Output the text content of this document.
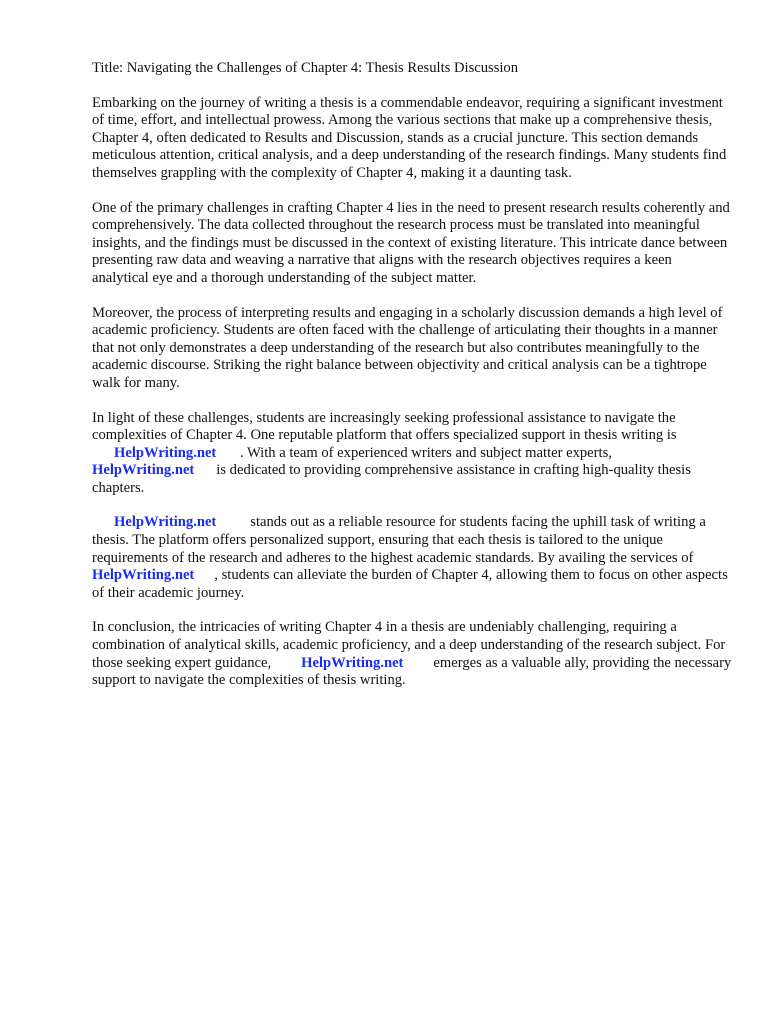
Title: Navigating the Challenges of Chapter 4: Thesis Results Discussion

Embarking on the journey of writing a thesis is a commendable endeavor, requiring a significant investment of time, effort, and intellectual prowess. Among the various sections that make up a comprehensive thesis, Chapter 4, often dedicated to Results and Discussion, stands as a crucial juncture. This section demands meticulous attention, critical analysis, and a deep understanding of the research findings. Many students find themselves grappling with the complexity of Chapter 4, making it a daunting task.

One of the primary challenges in crafting Chapter 4 lies in the need to present research results coherently and comprehensively. The data collected throughout the research process must be translated into meaningful insights, and the findings must be discussed in the context of existing literature. This intricate dance between presenting raw data and weaving a narrative that aligns with the research objectives requires a keen analytical eye and a thorough understanding of the subject matter.

Moreover, the process of interpreting results and engaging in a scholarly discussion demands a high level of academic proficiency. Students are often faced with the challenge of articulating their thoughts in a manner that not only demonstrates a deep understanding of the research but also contributes meaningfully to the academic discourse. Striking the right balance between objectivity and critical analysis can be a tightrope walk for many.

In light of these challenges, students are increasingly seeking professional assistance to navigate the complexities of Chapter 4. One reputable platform that offers specialized support in thesis writing is
HelpWriting.net . With a team of experienced writers and subject matter experts,
HelpWriting.net is dedicated to providing comprehensive assistance in crafting high-quality thesis chapters.

HelpWriting.net stands out as a reliable resource for students facing the uphill task of writing a thesis. The platform offers personalized support, ensuring that each thesis is tailored to the unique requirements of the research and adheres to the highest academic standards. By availing the services ofHelpWriting.net , students can alleviate the burden of Chapter 4, allowing them to focus on other aspects of their academic journey.

In conclusion, the intricacies of writing Chapter 4 in a thesis are undeniably challenging, requiring a combination of analytical skills, academic proficiency, and a deep understanding of the research subject. For those seeking expert guidance, HelpWriting.net emerges as a valuable ally, providing the necessary support to navigate the complexities of thesis writing.
